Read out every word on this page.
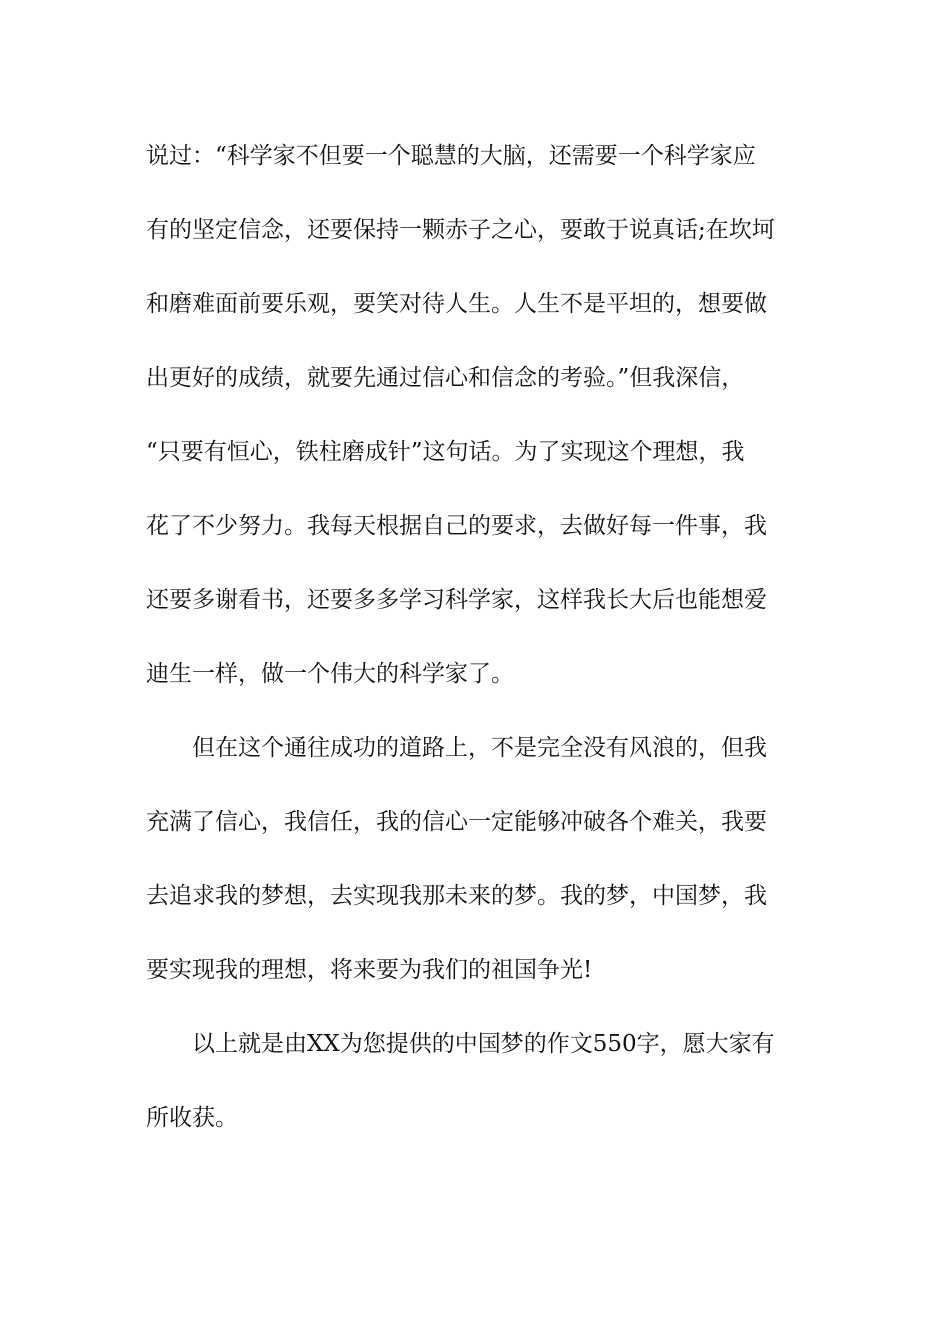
说过：“科学家不但要一个聪慧的大脑，还需要一个科学家应
有的坚定信念，还要保持一颗赤子之心，要敢于说真话;在坎坷
和磨难面前要乐观，要笑对待人生。人生不是平坦的，想要做
出更好的成绩，就要先通过信心和信念的考验。”但我深信，
“只要有恒心，铁柱磨成针”这句话。为了实现这个理想，我
花了不少努力。我每天根据自己的要求，去做好每一件事，我
还要多谢看书，还要多多学习科学家，这样我长大后也能想爱
迪生一样，做一个伟大的科学家了。
但在这个通往成功的道路上，不是完全没有风浪的，但我
充满了信心，我信任，我的信心一定能够冲破各个难关，我要
去追求我的梦想，去实现我那未来的梦。我的梦，中国梦，我
要实现我的理想，将来要为我们的祖国争光!
以上就是由XX为您提供的中国梦的作文550字，愿大家有
所收获。
